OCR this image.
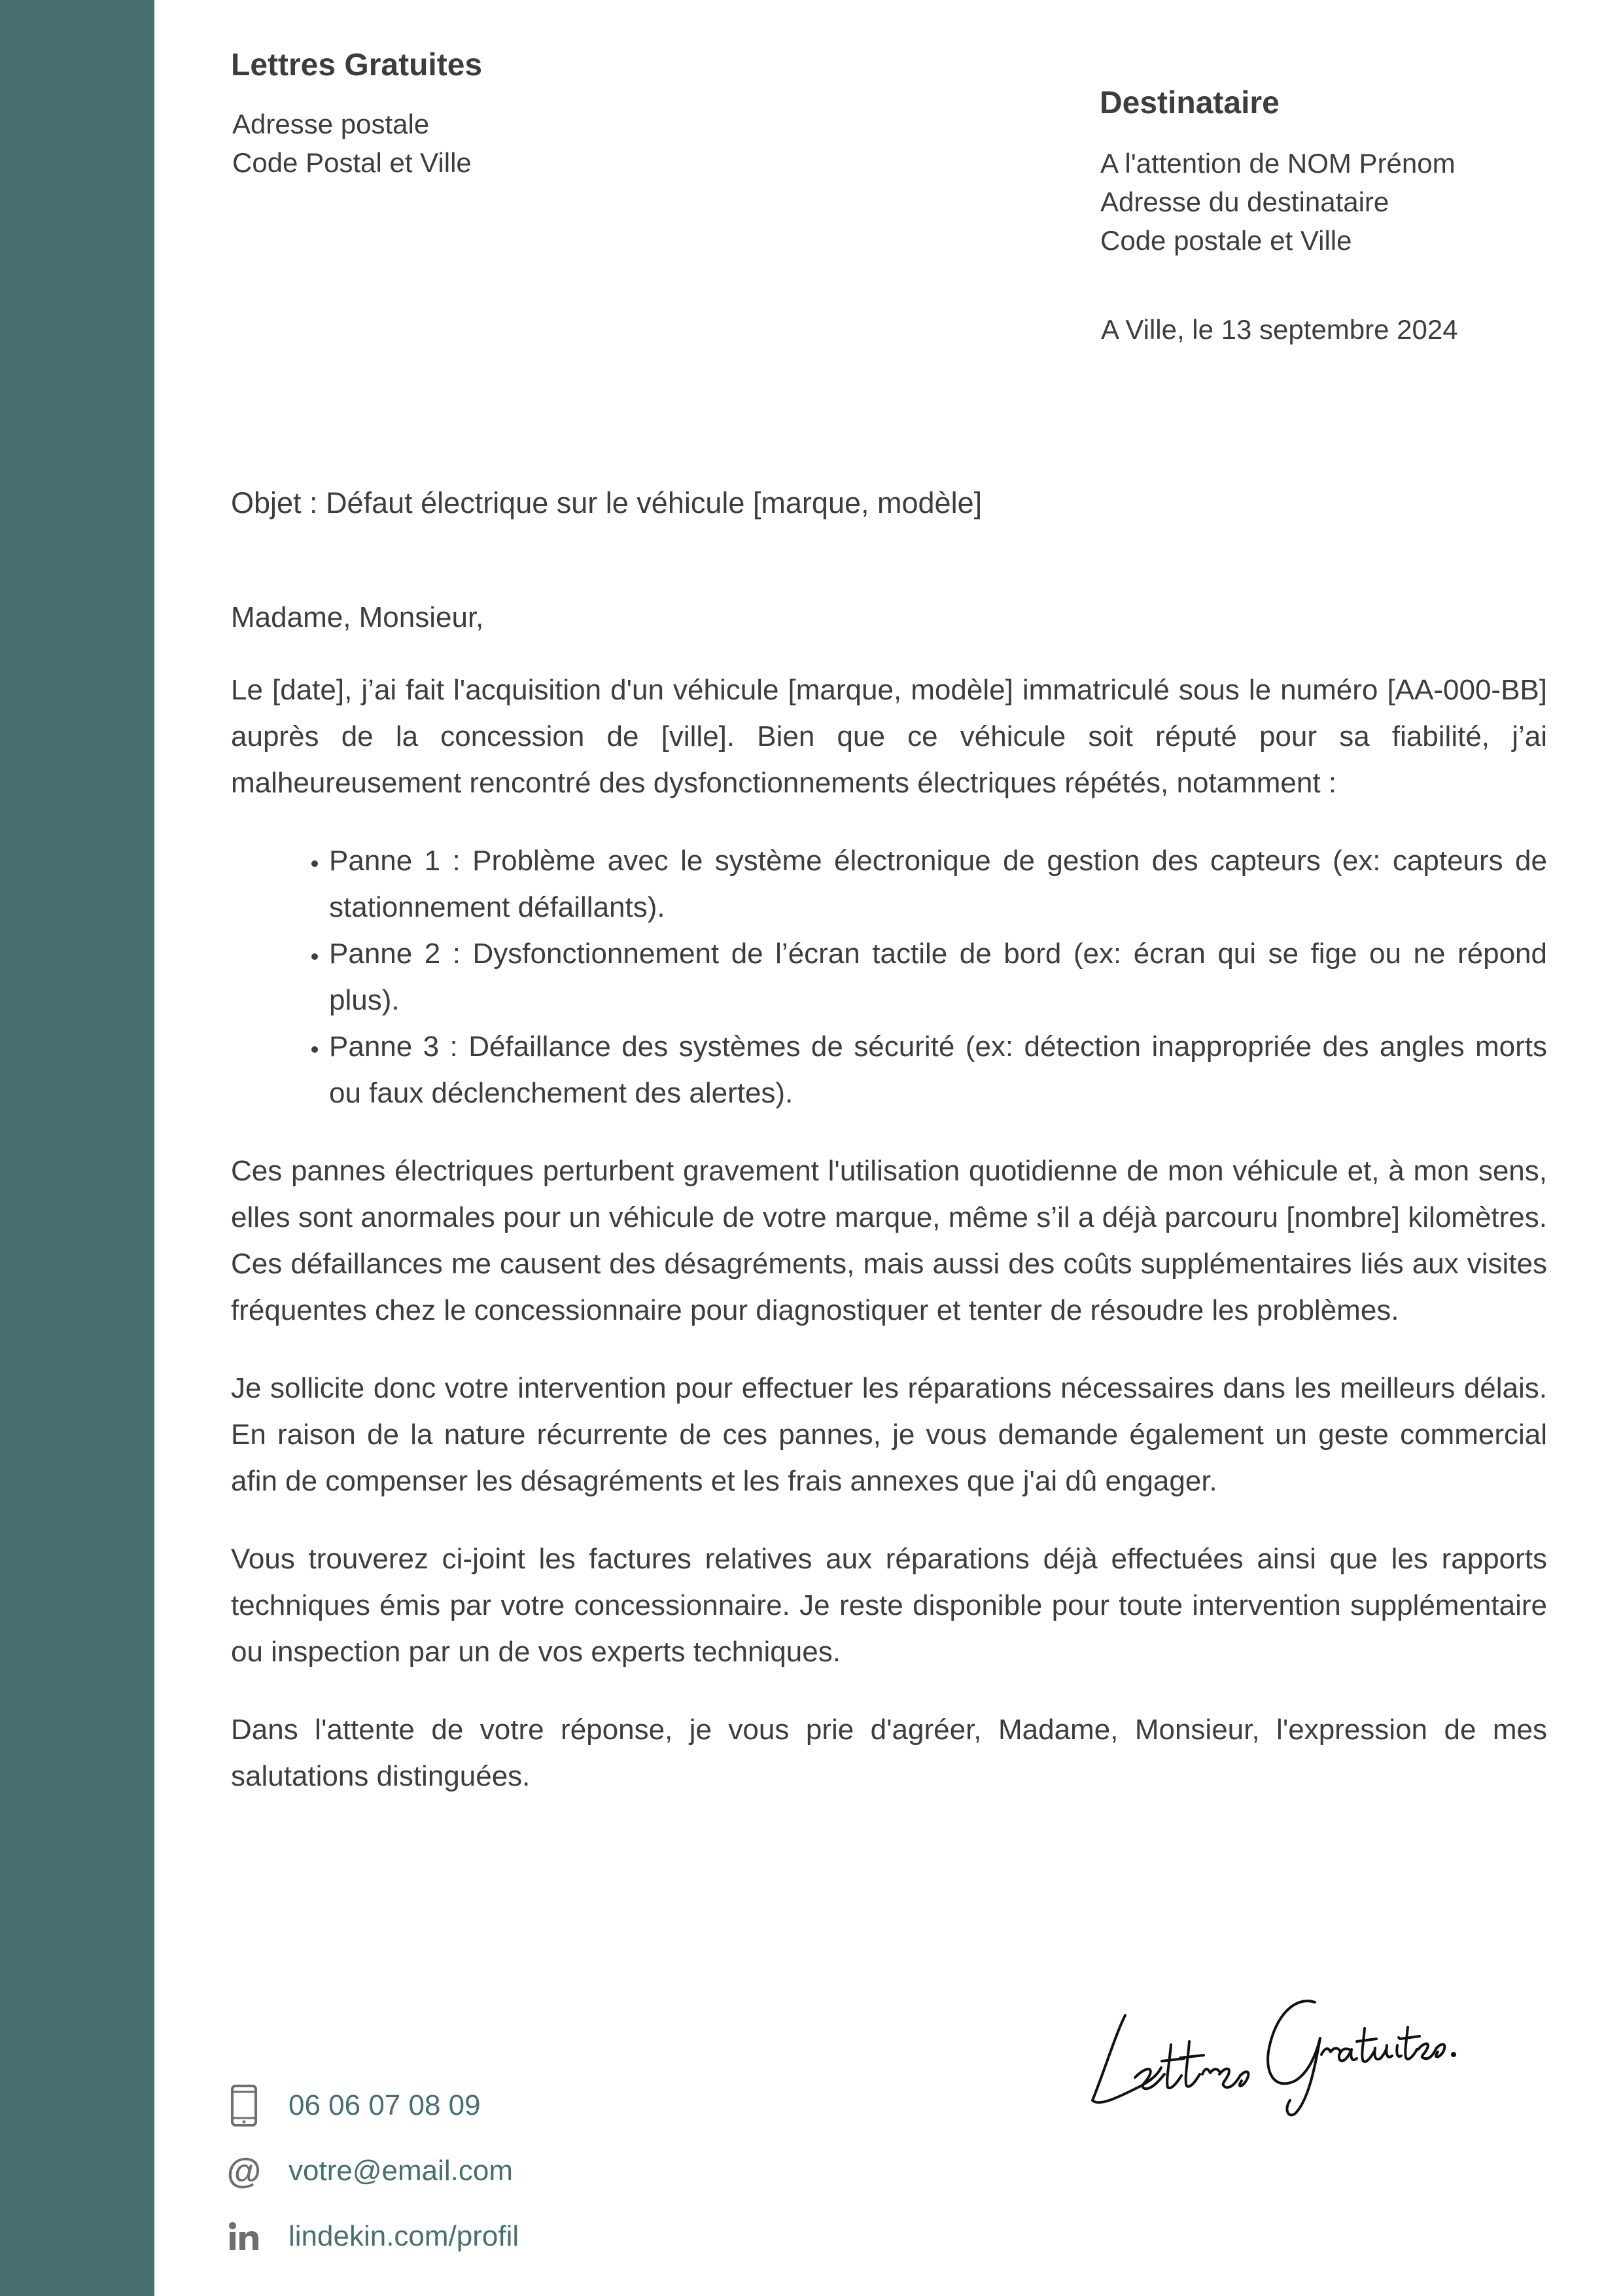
Lettres Gratuites
Adresse postale
Code Postal et Ville
Destinataire
A l'attention de NOM Prénom
Adresse du destinataire
Code postale et Ville
A Ville, le 13 septembre 2024
Objet : Défaut électrique sur le véhicule [marque, modèle]

Madame, Monsieur,

Le [date], j’ai fait l'acquisition d'un véhicule [marque, modèle] immatriculé sous le numéro [AA-000-BB] auprès de la concession de [ville]. Bien que ce véhicule soit réputé pour sa fiabilité, j’ai malheureusement rencontré des dysfonctionnements électriques répétés, notamment :

• Panne 1 : Problème avec le système électronique de gestion des capteurs (ex: capteurs de stationnement défaillants).
• Panne 2 : Dysfonctionnement de l’écran tactile de bord (ex: écran qui se fige ou ne répond plus).
• Panne 3 : Défaillance des systèmes de sécurité (ex: détection inappropriée des angles morts ou faux déclenchement des alertes).

Ces pannes électriques perturbent gravement l'utilisation quotidienne de mon véhicule et, à mon sens, elles sont anormales pour un véhicule de votre marque, même s’il a déjà parcouru [nombre] kilomètres. Ces défaillances me causent des désagréments, mais aussi des coûts supplémentaires liés aux visites fréquentes chez le concessionnaire pour diagnostiquer et tenter de résoudre les problèmes.

Je sollicite donc votre intervention pour effectuer les réparations nécessaires dans les meilleurs délais. En raison de la nature récurrente de ces pannes, je vous demande également un geste commercial afin de compenser les désagréments et les frais annexes que j'ai dû engager.

Vous trouverez ci-joint les factures relatives aux réparations déjà effectuées ainsi que les rapports techniques émis par votre concessionnaire. Je reste disponible pour toute intervention supplémentaire ou inspection par un de vos experts techniques.

Dans l'attente de votre réponse, je vous prie d'agréer, Madame, Monsieur, l'expression de mes salutations distinguées.

06 06 07 08 09
@ votre@email.com
lindekin.com/profil
